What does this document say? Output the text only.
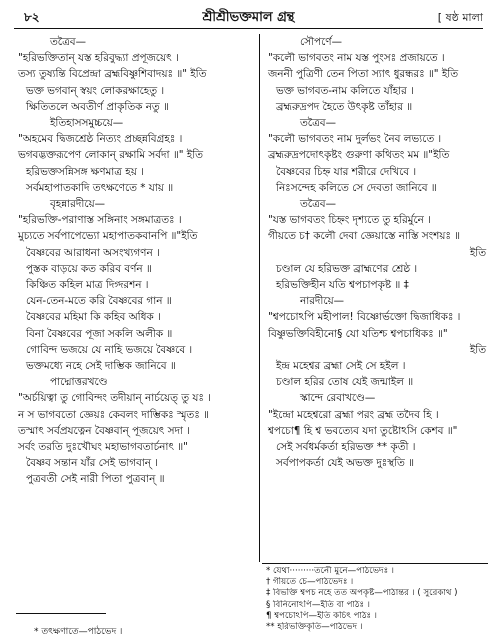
৮২	শ্রীশ্রীভক্তমাল গ্রন্থ	[ ষষ্ঠ মালা
তত্রৈব—
"হরিভক্তিতান্ যস্ত হরিবুদ্ধ্যা প্রপূজয়েৎ ।
তস্য তুষ্যন্তি বিপ্রেন্দ্রা ব্রহ্মবিষ্ণুশিবাদয়ঃ ॥" ইতি
ভক্ত ভগবান্ স্বয়ং লোকরক্ষাহেতু ।
ক্ষিতিতলে অবতীর্ণ প্রাকৃতিক নতু ॥
ইতিহাসসমুচ্চয়ে—
"অহমেব দ্বিজশ্রেষ্ঠ নিত্যং প্রচ্ছন্নবিগ্রহঃ ।
ভগবদ্ভক্তরূপেণ লোকান্ রক্ষামি সর্বদা ॥" ইতি
হরিভক্তসন্নিসঙ্গ ক্ষণমাত্র হয় ।
সর্বমহাপাতকাদি তৎক্ষণেতে * যায় ॥
বৃহন্নারদীয়ে—
"হরিভক্তি-পরাণাস্ত সঙ্গিনাং সঙ্গমাত্রতঃ ।
মুচ্যতে সর্বপাপেভ্যো মহাপাতকবানপি ॥"ইতি
বৈষ্ণবের আরাধনা অসংখ্যগণন ।
পুস্তক বাড়য়ে কত করিব বর্ণন ॥
কিঞ্চিত কহিল মাত্র দিগ্দরশন ।
যেন-তেন-মতে করি বৈষ্ণবের গান ॥
বৈষ্ণবের মহিমা কি কহিব অধিক ।
বিনা বৈষ্ণবের পূজা সকলি অলীক ॥
গোবিন্দ ভজয়ে যে নাহি ভজয়ে বৈষ্ণবে ।
ভক্তমধ্যে নহে সেই দাম্ভিক জানিবে ॥
পাদ্মোত্তরখণ্ডে
"অর্চয়িত্বা তু গোবিন্দং তদীয়ান্ নার্চয়েত্ তু যঃ ।
ন স ভাগবতো জ্ঞেয়ঃ কেবলং দাম্ভিকঃ স্মৃতঃ ॥
তস্মাৎ সর্বপ্রযত্নেন বৈষ্ণবান্ পূজয়েৎ সদা ।
সর্বং তরতি দুঃখৌঘং মহাভাগবতার্চনাৎ ॥"
বৈষ্ণব সন্তান যাঁর সেই ভাগবান্ ।
পুত্রবতী সেই নারী পিতা পুত্রবান্ ॥
সৌপর্ণে—
"কলৌ ভাগবতং নাম যস্ত পুংসঃ প্রজায়তে ।
জননী পুত্রিণী তেন পিতা স্যাৎ ধুরন্ধরঃ ॥" ইতি
ভক্ত ভাগবত-নাম কলিতে যাঁহার ।
ব্রহ্মরুদ্রপদ হৈতে উৎকৃষ্ট তাঁহার ॥
তত্রৈব—
"কলৌ ভাগবতং নাম দুর্লভং নৈব লভ্যতে ।
ব্রহ্মরুদ্রপদোৎকৃষ্টং গুরুণা কথিতং মম ॥"ইতি
বৈষ্ণবের চিহ্ন যার শরীরে দেখিবে ।
নিঃসন্দেহ কলিতে সে দেবতা জানিবে ॥
তত্রৈব—
"যস্ত ভাগবতং চিহ্নং দৃশ্যতে তু হরির্মুনে ।
গীয়তে চ† কলৌ দেবা জ্ঞেয়াস্তে নাস্তি সংশয়ঃ ॥
ইতি
চণ্ডাল যে হরিভক্ত ব্রাহ্মণের শ্রেষ্ঠ ।
হরিভক্তিহীন যতি শ্বপচাপকৃষ্ট ॥ ‡
নারদীয়ে—
"শ্বপচোঽপি মহীপাল! বিষ্ণোর্ভক্তো দ্বিজাধিকঃ ।
বিষ্ণুভক্তিবিহীনো§ যো যতিশ্চ শ্বপচাধিকঃ ॥"
ইতি
ইন্দ্র মহেশ্বর ব্রহ্মা সেই সে হইল ।
চণ্ডাল হরির তোষ যেই জন্মাইল ॥
স্কান্দে রেবাখণ্ডে—
"ইন্দ্রো মহেশ্বরো ব্রহ্মা পরং ব্রহ্ম তদৈব হি ।
শ্বপচো¶ হি শ্ব ভবত্যেব যদা তুষ্টোঽসি কেশব ॥"
সেই সর্বধর্মকর্তা হরিভক্ত ** কৃতী ।
সর্বপাপকর্তা যেই অভক্ত দুঃস্থতি ॥
* যেথা·········তনৌ মুনে—পাঠভেদঃ ।
† গীয়তে চে—পাঠভেদঃ ।
‡ বিভক্তি শ্বপচ নহে তত অপকৃষ্ট—পাঠান্তর । ( সুরেকাথ )
§ বিনিনোঽপি—ইতি বা পাঠঃ ।
¶ শ্বপচোঽপি—ইতি কচিৎ পাঠঃ ।
** হরিভক্তিকৃতি—পাঠভেদ ।
* তৎক্ষণাতে—পাঠভেদ ।
